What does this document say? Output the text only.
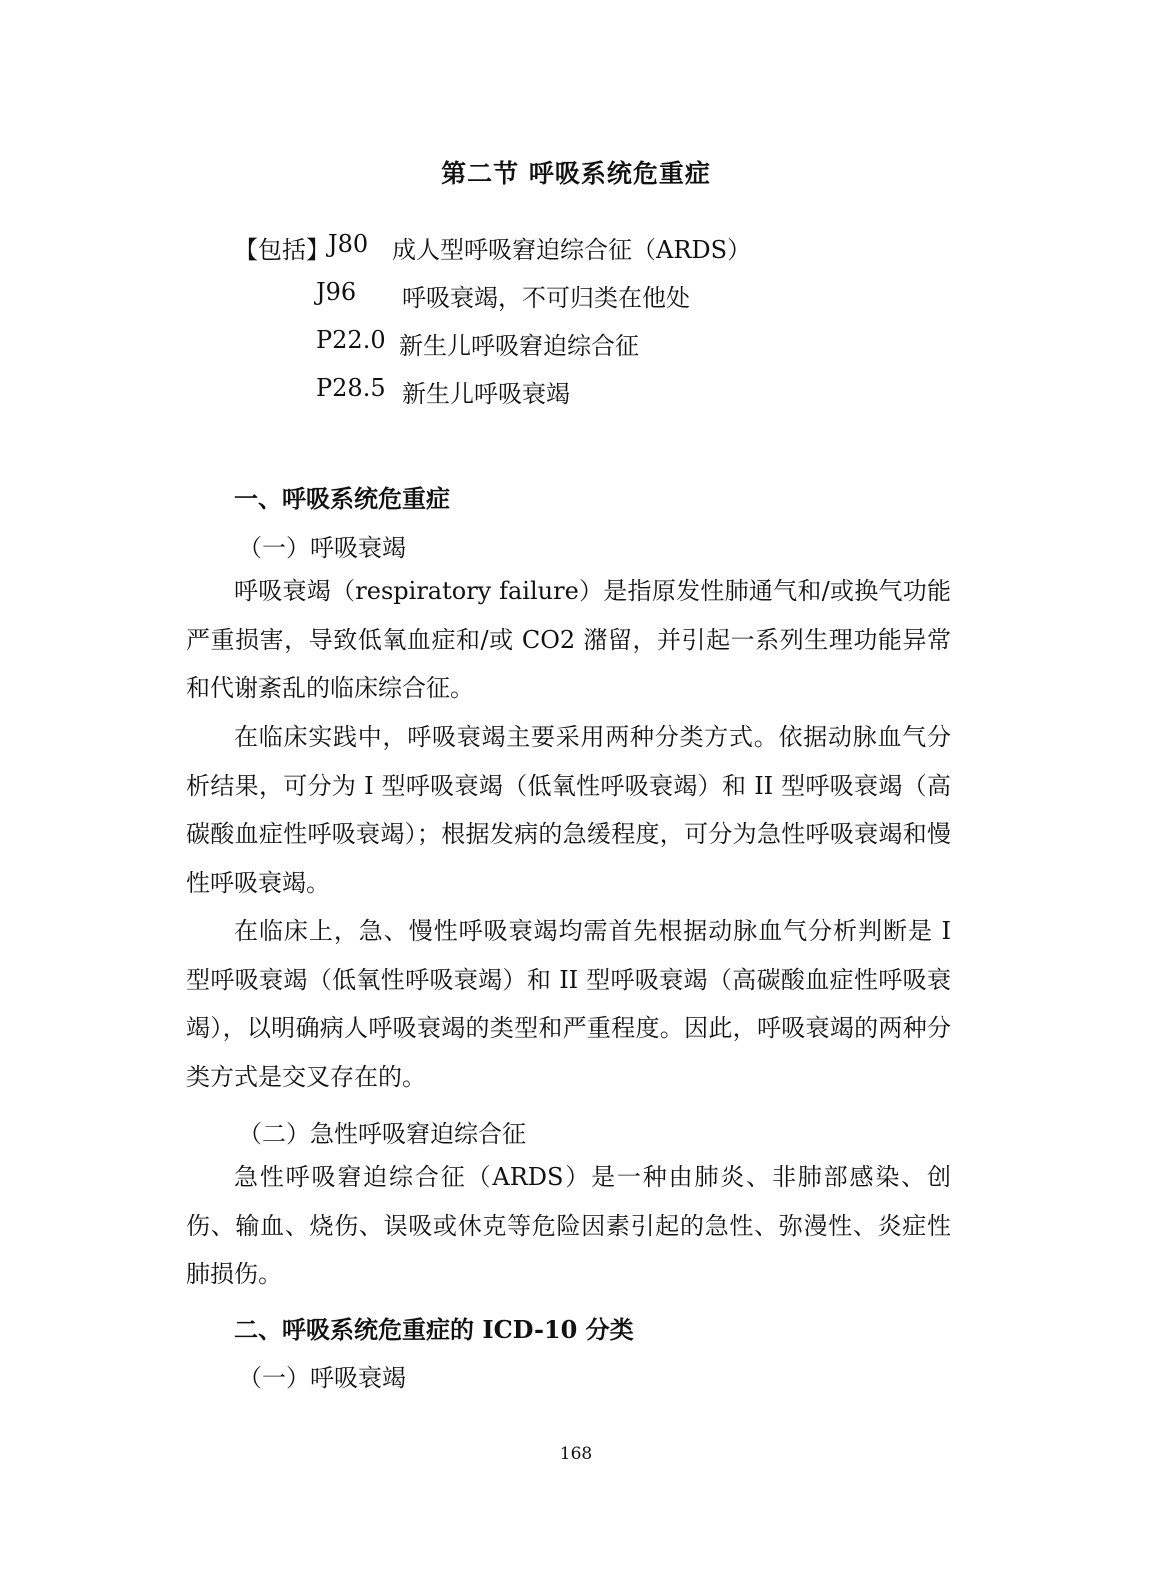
第二节 呼吸系统危重症
【包括】
J80 成人型呼吸窘迫综合征（ARDS）
J96 呼吸衰竭，不可归类在他处
P22.0 新生儿呼吸窘迫综合征
P28.5 新生儿呼吸衰竭
一、呼吸系统危重症
（一）呼吸衰竭

呼吸衰竭（respiratory failure）是指原发性肺通气和/或换气功能严重损害，导致低氧血症和/或 CO2 潴留，并引起一系列生理功能异常和代谢紊乱的临床综合征。

在临床实践中，呼吸衰竭主要采用两种分类方式。依据动脉血气分析结果，可分为 I 型呼吸衰竭（低氧性呼吸衰竭）和 II 型呼吸衰竭（高碳酸血症性呼吸衰竭）；根据发病的急缓程度，可分为急性呼吸衰竭和慢性呼吸衰竭。

在临床上，急、慢性呼吸衰竭均需首先根据动脉血气分析判断是 I 型呼吸衰竭（低氧性呼吸衰竭）和 II 型呼吸衰竭（高碳酸血症性呼吸衰竭），以明确病人呼吸衰竭的类型和严重程度。因此，呼吸衰竭的两种分类方式是交叉存在的。

（二）急性呼吸窘迫综合征

急性呼吸窘迫综合征（ARDS）是一种由肺炎、非肺部感染、创伤、输血、烧伤、误吸或休克等危险因素引起的急性、弥漫性、炎症性肺损伤。

二、呼吸系统危重症的 ICD-10 分类
（一）呼吸衰竭
168
